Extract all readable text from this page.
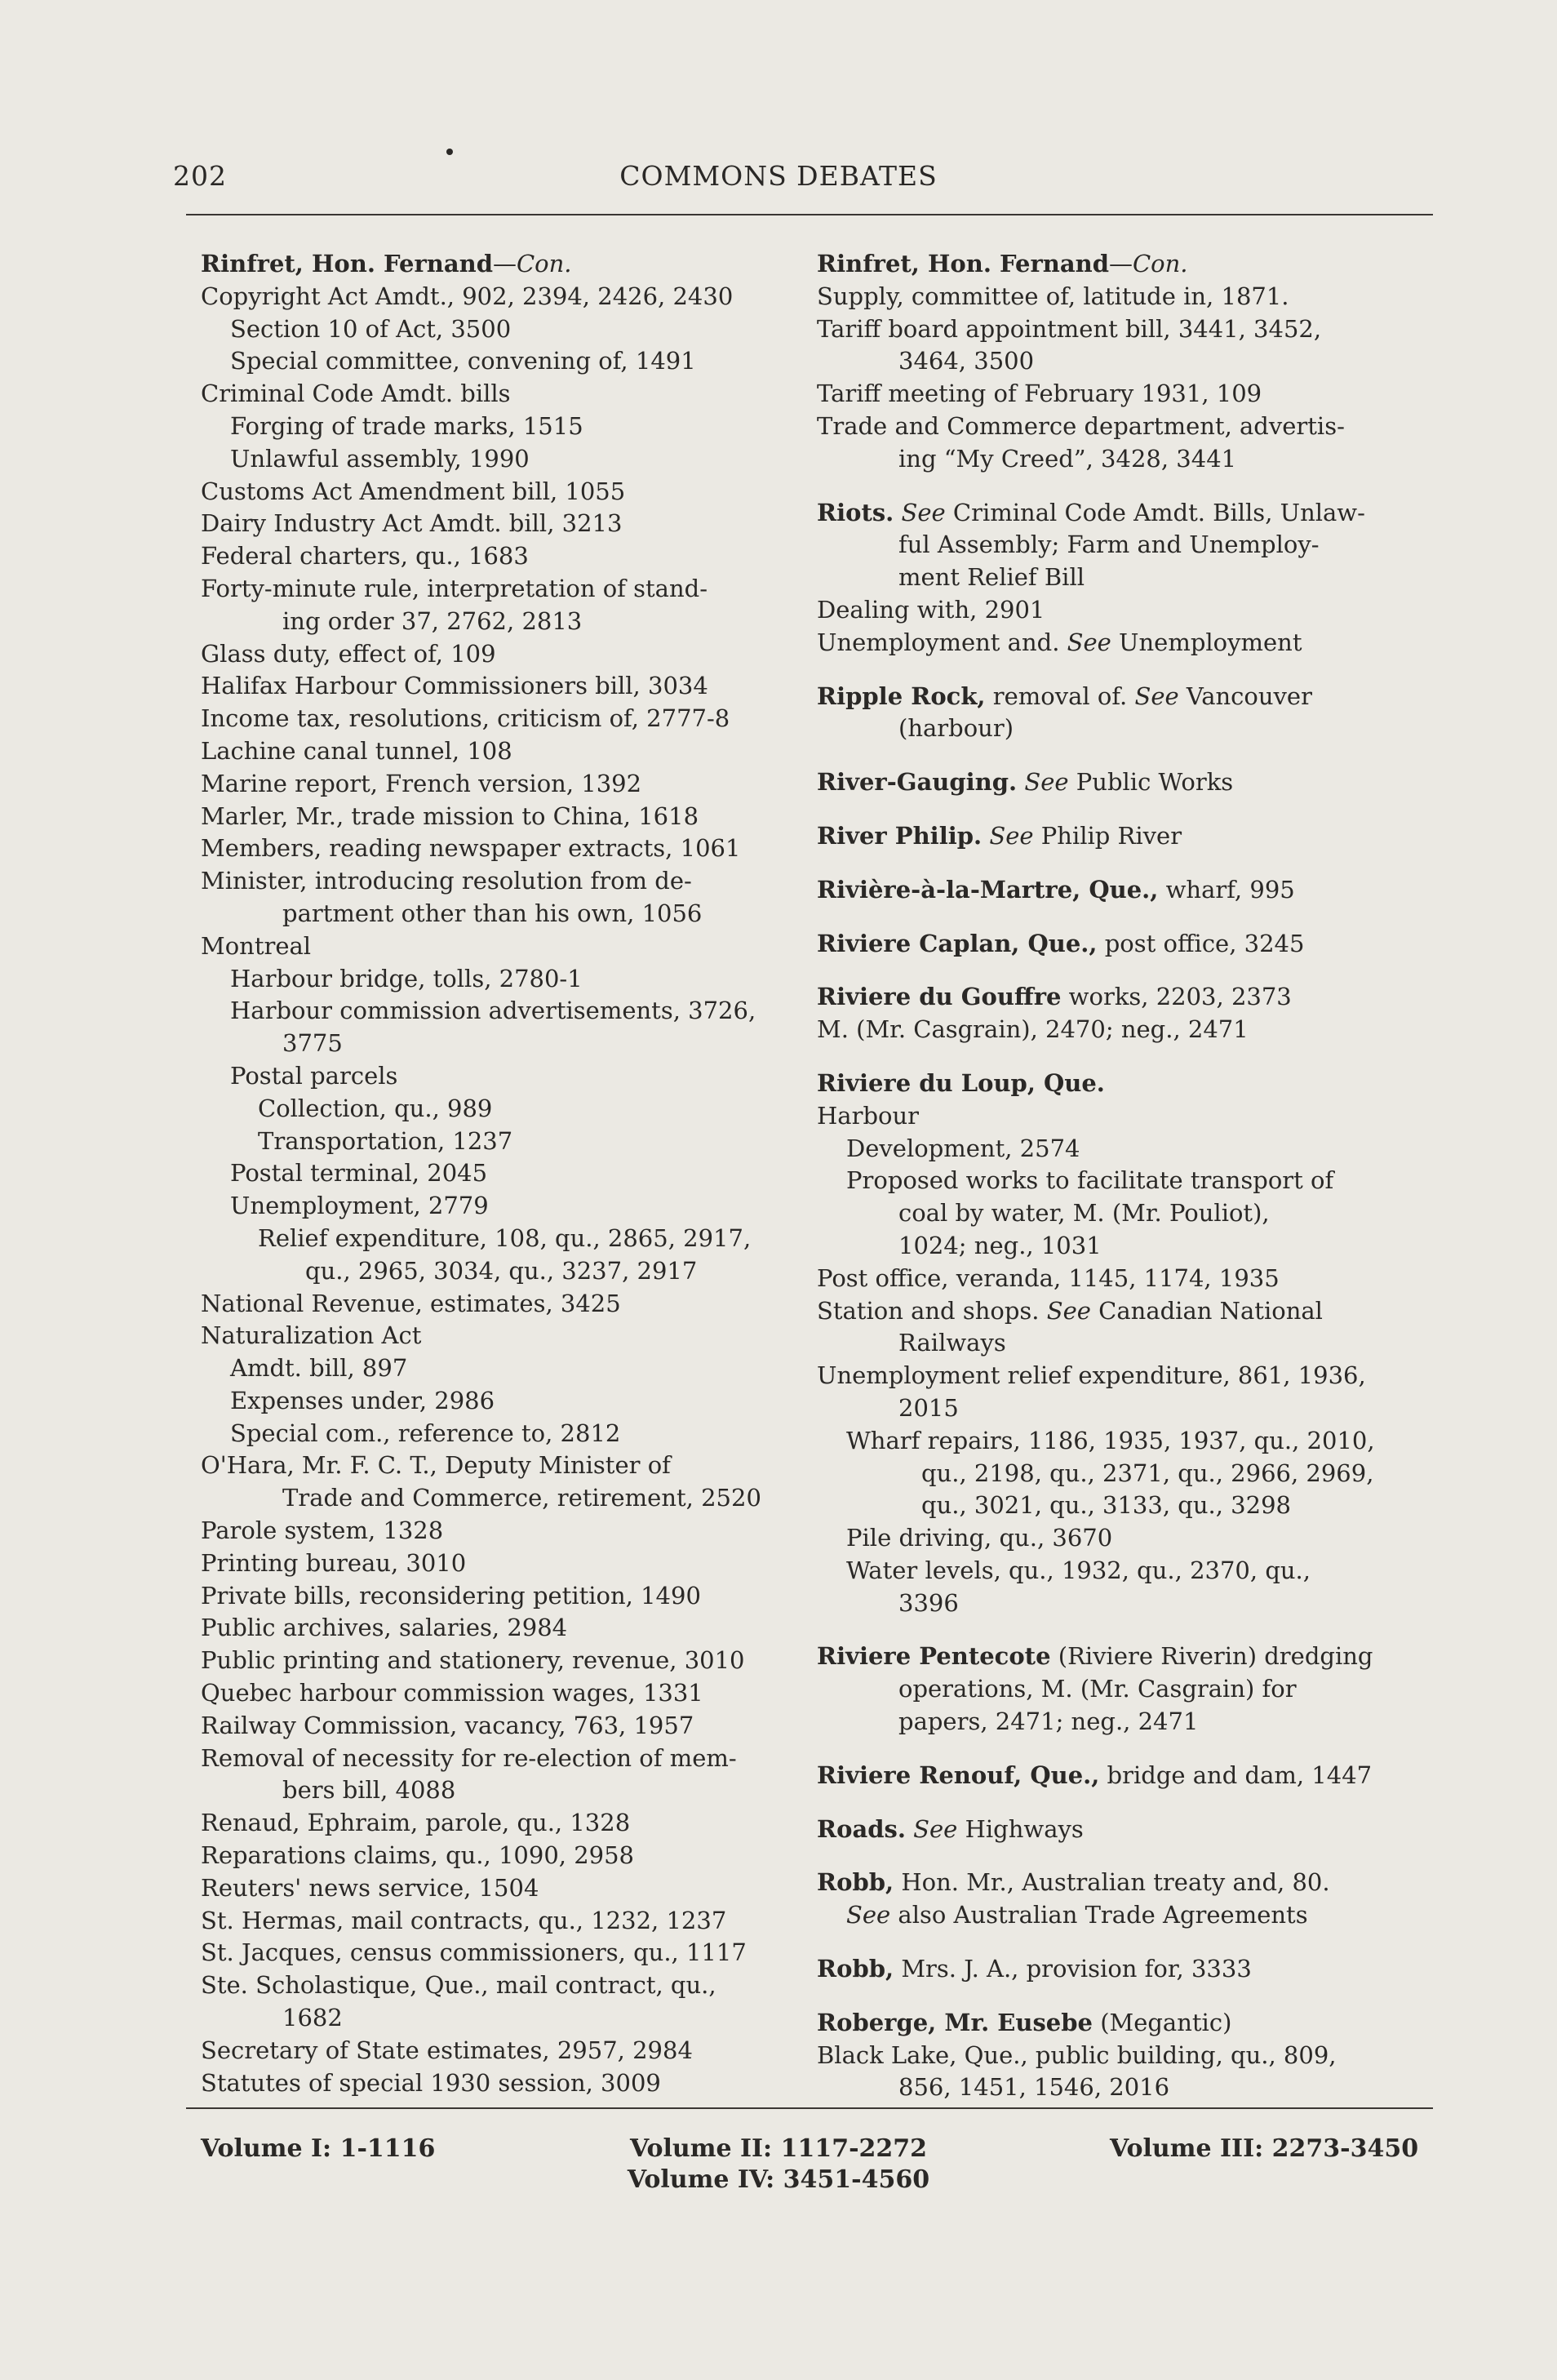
202	COMMONS DEBATES
Rinfret, Hon. Fernand—Con.
Copyright Act Amdt., 902, 2394, 2426, 2430
Section 10 of Act, 3500
Special committee, convening of, 1491
Criminal Code Amdt. bills
Forging of trade marks, 1515
Unlawful assembly, 1990
Customs Act Amendment bill, 1055
Dairy Industry Act Amdt. bill, 3213
Federal charters, qu., 1683
Forty-minute rule, interpretation of stand-
ing order 37, 2762, 2813
Glass duty, effect of, 109
Halifax Harbour Commissioners bill, 3034
Income tax, resolutions, criticism of, 2777-8
Lachine canal tunnel, 108
Marine report, French version, 1392
Marler, Mr., trade mission to China, 1618
Members, reading newspaper extracts, 1061
Minister, introducing resolution from de-
partment other than his own, 1056
Montreal
Harbour bridge, tolls, 2780-1
Harbour commission advertisements, 3726,
3775
Postal parcels
Collection, qu., 989
Transportation, 1237
Postal terminal, 2045
Unemployment, 2779
Relief expenditure, 108, qu., 2865, 2917,
qu., 2965, 3034, qu., 3237, 2917
National Revenue, estimates, 3425
Naturalization Act
Amdt. bill, 897
Expenses under, 2986
Special com., reference to, 2812
O'Hara, Mr. F. C. T., Deputy Minister of
Trade and Commerce, retirement, 2520
Parole system, 1328
Printing bureau, 3010
Private bills, reconsidering petition, 1490
Public archives, salaries, 2984
Public printing and stationery, revenue, 3010
Quebec harbour commission wages, 1331
Railway Commission, vacancy, 763, 1957
Removal of necessity for re-election of mem-
bers bill, 4088
Renaud, Ephraim, parole, qu., 1328
Reparations claims, qu., 1090, 2958
Reuters' news service, 1504
St. Hermas, mail contracts, qu., 1232, 1237
St. Jacques, census commissioners, qu., 1117
Ste. Scholastique, Que., mail contract, qu.,
1682
Secretary of State estimates, 2957, 2984
Statutes of special 1930 session, 3009
Rinfret, Hon. Fernand—Con.
Supply, committee of, latitude in, 1871.
Tariff board appointment bill, 3441, 3452,
3464, 3500
Tariff meeting of February 1931, 109
Trade and Commerce department, advertis-
ing “My Creed”, 3428, 3441
Riots. See Criminal Code Amdt. Bills, Unlaw-
ful Assembly; Farm and Unemploy-
ment Relief Bill
Dealing with, 2901
Unemployment and. See Unemployment
Ripple Rock, removal of. See Vancouver
(harbour)
River-Gauging. See Public Works
River Philip. See Philip River
Rivière-à-la-Martre, Que., wharf, 995
Riviere Caplan, Que., post office, 3245
Riviere du Gouffre works, 2203, 2373
M. (Mr. Casgrain), 2470; neg., 2471
Riviere du Loup, Que.
Harbour
Development, 2574
Proposed works to facilitate transport of
coal by water, M. (Mr. Pouliot),
1024; neg., 1031
Post office, veranda, 1145, 1174, 1935
Station and shops. See Canadian National
Railways
Unemployment relief expenditure, 861, 1936,
2015
Wharf repairs, 1186, 1935, 1937, qu., 2010,
qu., 2198, qu., 2371, qu., 2966, 2969,
qu., 3021, qu., 3133, qu., 3298
Pile driving, qu., 3670
Water levels, qu., 1932, qu., 2370, qu.,
3396
Riviere Pentecote (Riviere Riverin) dredging
operations, M. (Mr. Casgrain) for
papers, 2471; neg., 2471
Riviere Renouf, Que., bridge and dam, 1447
Roads. See Highways
Robb, Hon. Mr., Australian treaty and, 80.
See also Australian Trade Agreements
Robb, Mrs. J. A., provision for, 3333
Roberge, Mr. Eusebe (Megantic)
Black Lake, Que., public building, qu., 809,
856, 1451, 1546, 2016
Volume I: 1-1116	Volume II: 1117-2272	Volume III: 2273-3450
Volume IV: 3451-4560
